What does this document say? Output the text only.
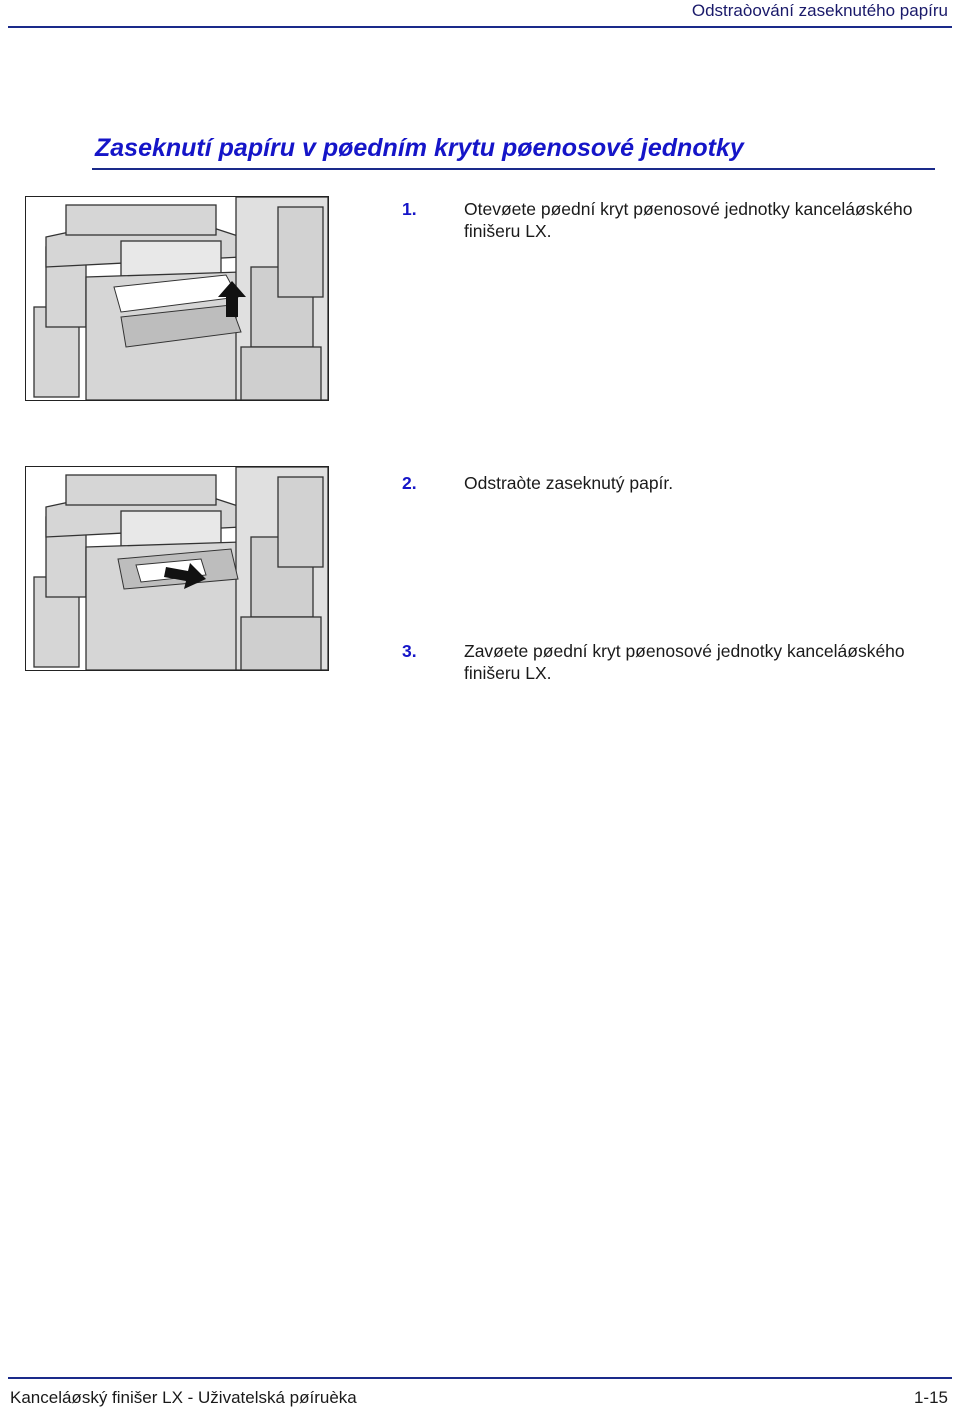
Odstraòování zaseknutého papíru
Zaseknutí papíru v pøedním krytu pøenosové jednotky
1.	Otevøete pøední kryt pøenosové jednotky kanceláøského finišeru LX.
2.	Odstraòte zaseknutý papír.
3.	Zavøete pøední kryt pøenosové jednotky kanceláøského finišeru LX.
Kanceláøský finišer LX - Uživatelská pøíruèka	1-15
